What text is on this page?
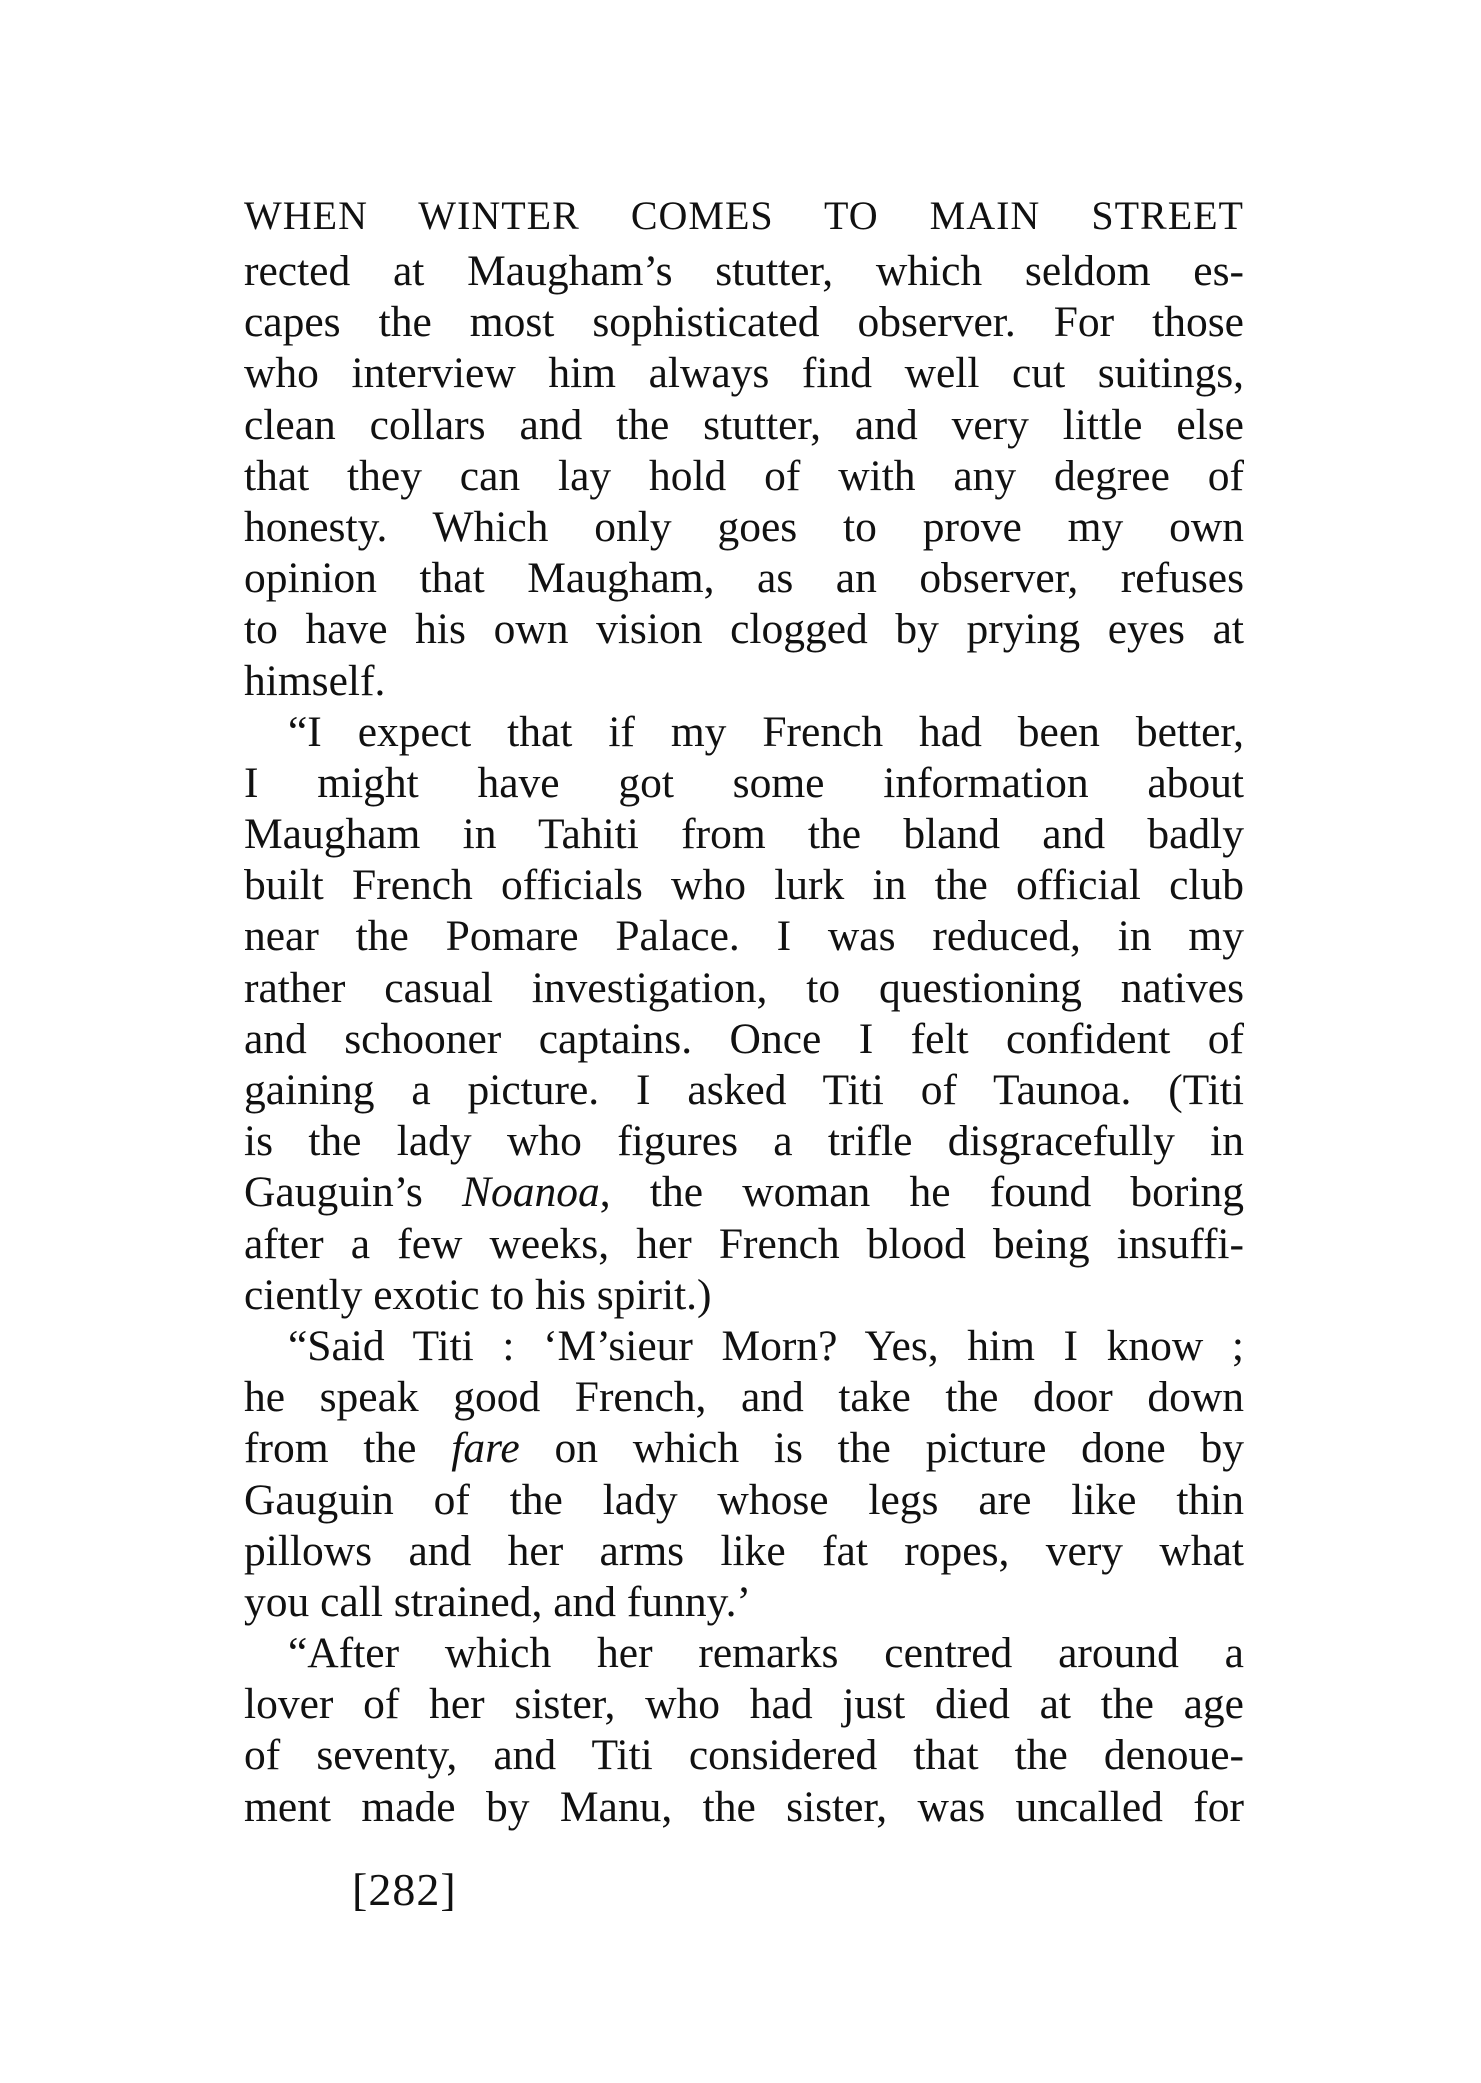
WHEN WINTER COMES TO MAIN STREET
rected at Maugham’s stutter, which seldom es-
capes the most sophisticated observer. For those
who interview him always find well cut suitings,
clean collars and the stutter, and very little else
that they can lay hold of with any degree of
honesty. Which only goes to prove my own
opinion that Maugham, as an observer, refuses
to have his own vision clogged by prying eyes at
himself.
“I expect that if my French had been better,
I might have got some information about
Maugham in Tahiti from the bland and badly
built French officials who lurk in the official club
near the Pomare Palace. I was reduced, in my
rather casual investigation, to questioning natives
and schooner captains. Once I felt confident of
gaining a picture. I asked Titi of Taunoa. (Titi
is the lady who figures a trifle disgracefully in
Gauguin’s Noanoa, the woman he found boring
after a few weeks, her French blood being insuffi-
ciently exotic to his spirit.)
“Said Titi : ‘M’sieur Morn? Yes, him I know ;
he speak good French, and take the door down
from the fare on which is the picture done by
Gauguin of the lady whose legs are like thin
pillows and her arms like fat ropes, very what
you call strained, and funny.’
“After which her remarks centred around a
lover of her sister, who had just died at the age
of seventy, and Titi considered that the denoue-
ment made by Manu, the sister, was uncalled for
[282]
